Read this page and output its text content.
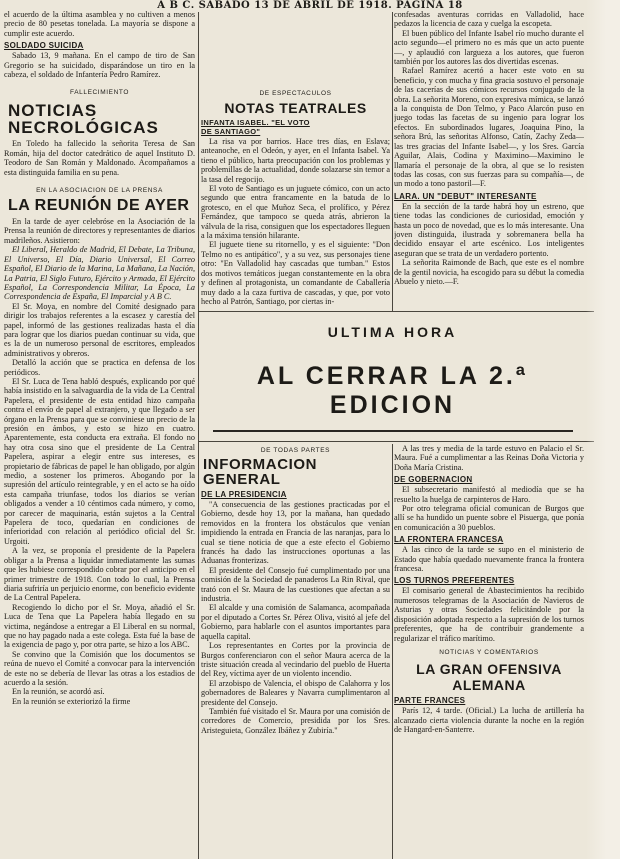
A B C. SABADO 13 DE ABRIL DE 1918. PAGINA 18

el acuerdo de la última asamblea y no cultiven a menos precio de 80 pesetas tonelada. La mayoría se dispone a cumplir este acuerdo.

SOLDADO SUICIDA

Sabado 13, 9 mañana. En el campo de tiro de San Gregorio se ha suicidado, disparándose un tiro en la cabeza, el soldado de Infantería Pedro Ramírez.

FALLECIMIENTO
NOTICIAS NECROLÓGICAS

En Toledo ha fallecido la señorita Teresa de San Román, hija del doctor catedrático de aquel Instituto D. Teodoro de San Román y Maldonado. Acompañamos a esta distinguida familia en su pena.

EN LA ASOCIACION DE LA PRENSA
LA REUNIÓN DE AYER

En la tarde de ayer celebróse en la Asociación de la Prensa la reunión de directores y representantes de diarios madrileños. Asistieron:

El Liberal, Heraldo de Madrid, El Debate, La Tribuna, El Universo, El Día, Diario Universal, El Correo Español, El Diario de la Marina, La Mañana, La Nación, La Patria, El Siglo Futuro, Ejército y Armada, El Ejército Español, La Correspondencia Militar, La Época, La Correspondencia de España, El Imparcial y A B C.

El Sr. Moya, en nombre del Comité designado para dirigir los trabajos referentes a la escasez y carestía del papel, informó de las gestiones realizadas hasta el día para lograr que los diarios puedan continuar su vida, que es la de un numeroso personal de escritores, empleados administrativos y obreros.

Detalló la acción que se practica en defensa de los periódicos.

El Sr. Luca de Tena habló después, explicando por qué había insistido en la salvaguardia de la vida de La Central Papelera, el presidente de esta entidad hizo campaña contra el envío de papel al extranjero, y que llegado a ser órgano en la Prensa para que se conviniese un precio de la presión en ámbos, y esto se hizo en cuatro. Aparentemente, esta conducta era extraña. El fondo no hay otra cosa sino que el presidente de La Central Papelera, aspirar a elegir entre sus intereses, es propietario de fábricas de papel le han obligado, por algún medio, a sostener los primeros. Abogando por la supresión del artículo reintegrable, y en el acto se ha oído esta campaña triunfase, todos los diarios se verían obligados a vender a 10 céntimos cada número, y como, por carecer de maquinaria, están sujetos a la Central Papelera de toco, quedarían en condiciones de inferioridad con relación al periódico oficial del Sr. Urgoiti.

A la vez, se proponía el presidente de la Papelera obligar a la Prensa a liquidar inmediatamente las sumas que les hubiese correspondido cobrar por el anticipo en el primer trimestre de 1918. Con todo lo cual, la Prensa diaria sufriría un perjuicio enorme, con beneficio evidente de La Central Papelera.

Recogiendo lo dicho por el Sr. Moya, añadió el Sr. Luca de Tena que La Papelera había llegado en su victima, negándose a entregar a El Liberal en su normal, que no hay pagado nada a este colega. Esta fué la base de la exigencia de pago y, por otra parte, se hizo a los ABC.

Se convino que la Comisión que los documentos se reúna de nuevo el Comité a convocar para la intervención de este no se debería de llevar las otras a los estadios de acuerdo a la sesión.

En la reunión, se acordó así.

En la reunión se exteriorizó la firme

DE ESPECTACULOS
NOTAS TEATRALES
INFANTA ISABEL. "EL VOTO DE SANTIAGO"

La risa va por barrios. Hace tres días, en Eslava; anteanoche, en el Odeón, y ayer, en el Infanta Isabel. Ya tieno el público, harta preocupación con los problemas y problemillas de la actualidad, donde solazarse sin temor a la tasa del regocijo.

El voto de Santiago es un juguete cómico, con un acto segundo que entra francamente en la batuda de lo grotesco, en el que Muñoz Seca, el prolífico, y Pérez Fernández, que tampoco se queda atrás, abrieron la válvula de la risa, consiguen que los espectadores lleguen a la máxima tensión hilarante.

El juguete tiene su ritornello, y es el siguiente: "Don Telmo no es antipático", y a su vez, sus personajes tiene otro: "En Valladolid hay cascadas que tumban." Estos dos motivos temáticos juegan constantemente en la obra y definen al protagonista, un comandante de Caballería muy dado a la caza furtiva de cascadas, y que, por voto hecho al Patrón, Santiago, por ciertas in-

confesadas aventuras corridas en Valladolid, hace pedazos la licencia de caza y cuelga la escopeta.

El buen público del Infante Isabel río mucho durante el acto segundo—el primero no es más que un acto puente—, y aplaudió con largueza a los autores, que fueron también por los autores las dos divertidas escenas.

Rafael Ramírez acertó a hacer este voto en su beneficio, y con mucha y fina gracia sostuvo el personaje de las cacerías de sus cómicos recursos conjugado de la obra. La señorita Moreno, con expresiva mímica, se lanzó a la conquista de Don Telmo, y Paco Alarcón puso en juego todas las facetas de su ingenio para lograr los efectos. En subordinados lugares, Joaquina Pino, la señora Brú, las señoritas Alfonso, Catín, Zachy Zeda—las tres gracias del Infante Isabel—, y los Sres. García Aguilar, Alais, Codina y Maximino—Maximino le llamaría el personaje de la obra, al que se lo resisten todas las cosas, con sus fuerzas para su compañía—, de un modo a tono pastoril—F.

LARA. UN "DEBUT" INTERESANTE

En la sección de la tarde habrá hoy un estreno, que tiene todas las condiciones de curiosidad, emoción y hasta un poco de novedad, que es lo más interesante. Una joven distinguida, ilustrada y sobremanera bella ha decidido ensayar el arte escénico. Los inteligentes aseguran que se trata de un verdadero portento.

La señorita Raimonde de Bach, que este es el nombre de la gentil novicia, ha escogido para su début la comedia Abuelo y nieto.—F.

ULTIMA HORA
AL CERRAR LA 2.ª EDICION
DE TODAS PARTES
INFORMACION GENERAL
DE LA PRESIDENCIA

"A consecuencia de las gestiones practicadas por el Gobierno, desde hoy 13, por la mañana, han quedado removidos en la frontera los obstáculos que venían impidiendo la entrada en Francia de las naranjas, para lo cual se tiene noticia de que a este efecto el Gobierno francés ha dado las instrucciones oportunas a las Aduanas fronterizas.

El presidente del Consejo fué cumplimentado por una comisión de la Sociedad de panaderos La Rin Rival, que trató con el Sr. Maura de las cuestiones que afectan a su industria.

El alcalde y una comisión de Salamanca, acompañada por el diputado a Cortes Sr. Pérez Oliva, visitó al jefe del Gobierno, para hablarle con el asuntos importantes para aquella capital.

Los representantes en Cortes por la provincia de Burgos conferenciaron con el señor Maura acerca de la triste situación creada al vecindario del pueblo de Huerta del Rey, víctima ayer de un violento incendio.

El arzobispo de Valencia, el obispo de Calahorra y los gobernadores de Baleares y Navarra cumplimentaron al presidente del Consejo.

También fué visitado el Sr. Maura por una comisión de corredores de Comercio, presidida por los Sres. Aristeguieta, González Ibáñez y Zubiría."

A las tres y media de la tarde estuvo en Palacio el Sr. Maura. Fué a cumplimentar a las Reinas Doña Victoria y Doña María Cristina.

DE GOBERNACION

El subsecretario manifestó al mediodía que se ha resuelto la huelga de carpinteros de Haro.

Por otro telegrama oficial comunican de Burgos que allí se ha hundido un puente sobre el Pisuerga, que ponía en comunicación a 30 pueblos.

LA FRONTERA FRANCESA

A las cinco de la tarde se supo en el ministerio de Estado que había quedado nuevamente franca la frontera francesa.

LOS TURNOS PREFERENTES

El comisario general de Abastecimientos ha recibido numerosos telegramas de la Asociación de Navieros de Asturias y otras Sociedades felicitándole por la disposición adoptada respecto a la supresión de los turnos preferentes, que ha de contribuir grandemente a regularizar el tráfico marítimo.

NOTICIAS Y COMENTARIOS
LA GRAN OFENSIVA ALEMANA
PARTE FRANCES

París 12, 4 tarde. (Oficial.) La lucha de artillería ha alcanzado cierta violencia durante la noche en la región de Hangard-en-Santerre.
